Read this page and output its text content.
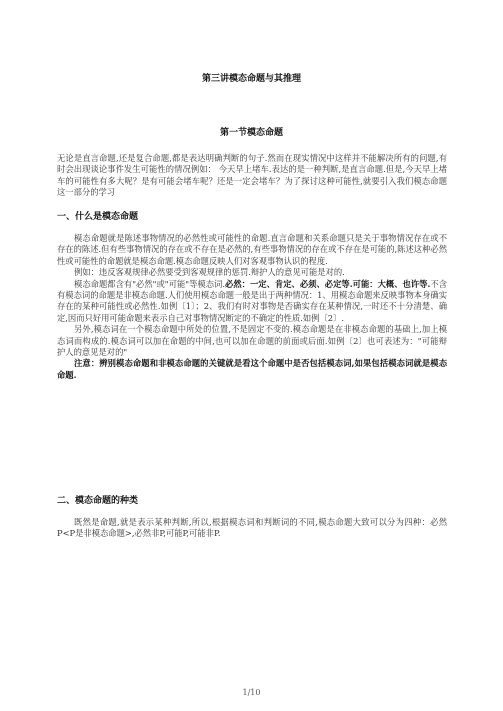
第三讲模态命题与其推理
第一节模态命题

无论是直言命题,还是复合命题,都是表达明确判断的句子.然而在现实情况中这样并不能解决所有的问题,有时会出现谈论事件发生可能性的情况例如： 今天早上堵车.表达的是一种判断,是直言命题.但是,今天早上堵车的可能性有多大呢？是有可能会堵车呢？还是一定会堵车？为了探讨这种可能性,就要引入我们模态命题这一部分的学习

一、什么是模态命题

模态命题就是陈述事物情况的必然性或可能性的命题.直言命题和关系命题只是关于事物情况存在或不存在的陈述.但有些事物情况的存在或不存在是必然的,有些事物情况的存在或不存在是可能的,陈述这种必然性或可能性的命题就是模态命题.模态命题反映人们对客观事物认识的程度.

例如：违反客观规律必然要受到客观规律的惩罚.辩护人的意见可能是对的.

模态命题都含有"必然"或"可能"等模态词.必然：一定、肯定、必须、必定等.可能：大概、也许等.不含有模态词的命题是非模态命题.人们使用模态命题一般是出于两种情况：1、用模态命题来反映事物本身确实存在的某种可能性或必然性.如例〔1〕；2、我们有时对事物是否确实存在某种情况,一时还不十分清楚、确定,因而只好用可能命题来表示自己对事物情况断定的不确定的性质.如例〔2〕.

另外,模态词在一个模态命题中所处的位置,不是固定不变的.模态命题是在非模态命题的基础上,加上模态词而构成的.模态词可以加在命题的中间,也可以加在命题的前面或后面.如例〔2〕也可表述为："可能辩护人的意见是对的"

注意：辨别模态命题和非模态命题的关键就是看这个命题中是否包括模态词,如果包括模态词就是模态命题.

二、模态命题的种类

既然是命题,就是表示某种判断,所以,根据模态词和判断词的不同,模态命题大致可以分为四种：必然P<P是非模态命题>,必然非P,可能P,可能非P.

1/10
